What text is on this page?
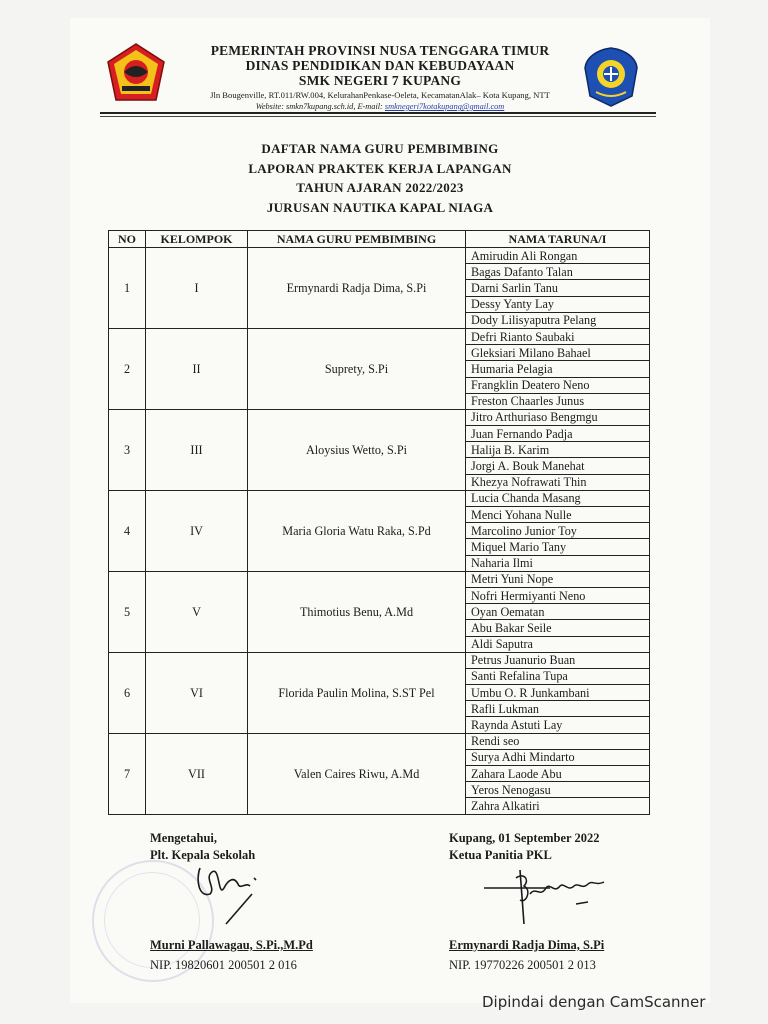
PEMERINTAH PROVINSI NUSA TENGGARA TIMUR
DINAS PENDIDIKAN DAN KEBUDAYAAN
SMK NEGERI 7 KUPANG
Jln Bougenville, RT.011/RW.004, KelurahanPenkase-Oeleta, KecamatanAlak– Kota Kupang, NTT
Website: smkn7kupang.sch.id, E-mail: smknegeri7kotakupang@gmail.com
DAFTAR NAMA GURU PEMBIMBING
LAPORAN PRAKTEK KERJA LAPANGAN
TAHUN AJARAN 2022/2023
JURUSAN NAUTIKA KAPAL NIAGA
NO	KELOMPOK	NAMA GURU PEMBIMBING	NAMA TARUNA/I
1	I	Ermynardi Radja Dima, S.Pi	Amirudin Ali Rongan
			Bagas Dafanto Talan
			Darni Sarlin Tanu
			Dessy Yanty Lay
			Dody Lilisyaputra Pelang
2	II	Suprety, S.Pi	Defri Rianto Saubaki
			Gleksiari Milano Bahael
			Humaria Pelagia
			Frangklin Deatero Neno
			Freston Chaarles Junus
3	III	Aloysius Wetto, S.Pi	Jitro Arthuriaso Bengmgu
			Juan Fernando Padja
			Halija B. Karim
			Jorgi A. Bouk Manehat
			Khezya Nofrawati Thin
4	IV	Maria Gloria Watu Raka, S.Pd	Lucia Chanda Masang
			Menci Yohana Nulle
			Marcolino Junior Toy
			Miquel Mario Tany
			Naharia Ilmi
5	V	Thimotius Benu, A.Md	Metri Yuni Nope
			Nofri Hermiyanti Neno
			Oyan Oematan
			Abu Bakar Seile
			Aldi Saputra
6	VI	Florida Paulin Molina, S.ST Pel	Petrus Juanurio Buan
			Santi Refalina Tupa
			Umbu O. R Junkambani
			Rafli Lukman
			Raynda Astuti Lay
7	VII	Valen Caires Riwu, A.Md	Rendi seo
			Surya Adhi Mindarto
			Zahara Laode Abu
			Yeros Nenogasu
			Zahra Alkatiri
Mengetahui,
Plt. Kepala Sekolah
Murni Pallawagau, S.Pi.,M.Pd
NIP. 19820601 200501 2 016
Kupang, 01 September 2022
Ketua Panitia PKL
Ermynardi Radja Dima, S.Pi
NIP. 19770226 200501 2 013
Dipindai dengan CamScanner
